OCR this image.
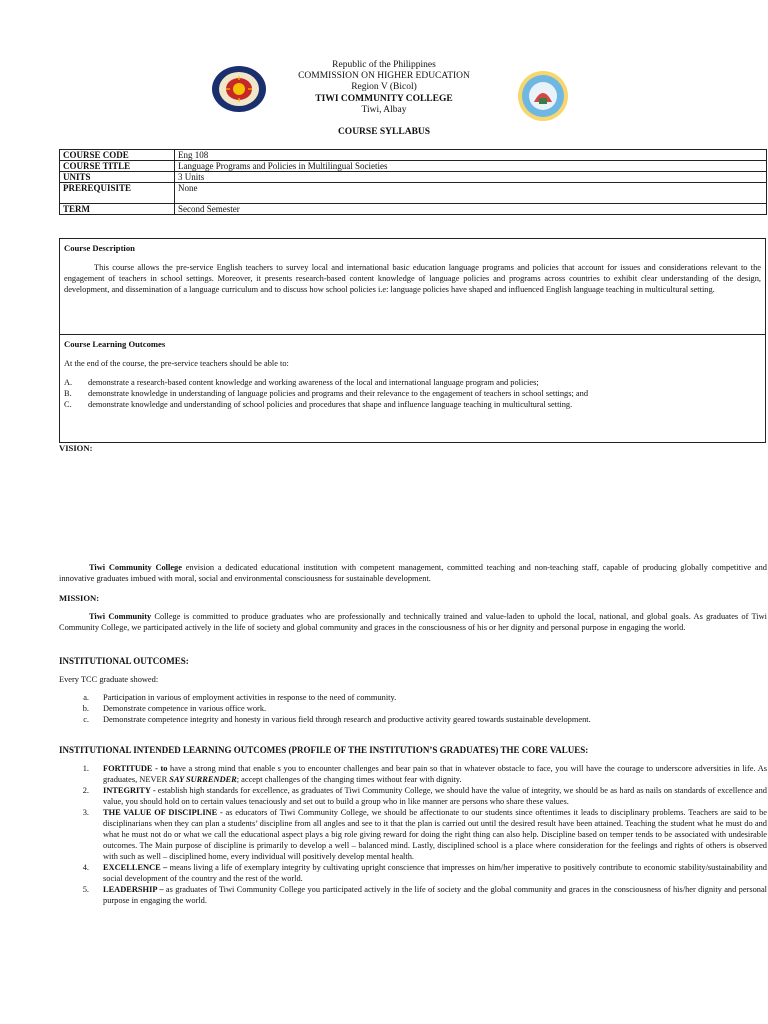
Republic of the Philippines
COMMISSION ON HIGHER EDUCATION
Region V (Bicol)
TIWI COMMUNITY COLLEGE
Tiwi, Albay
COURSE SYLLABUS
COURSE CODE	Eng 108
COURSE TITLE	Language Programs and Policies in Multilingual Societies
UNITS	3 Units
PREREQUISITE	None
TERM	Second Semester
Course Description
This course allows the pre-service English teachers to survey local and international basic education language programs and policies that account for issues and considerations relevant to the engagement of teachers in school settings. Moreover, it presents research-based content knowledge of language policies and programs across countries to exhibit clear understanding of the design, development, and dissemination of a language curriculum and to discuss how school policies i.e: language policies have shaped and influenced English language teaching in multicultural setting.
Course Learning Outcomes
At the end of the course, the pre-service teachers should be able to:
A.	demonstrate a research-based content knowledge and working awareness of the local and international language program and policies;
B.	demonstrate knowledge in understanding of language policies and programs and their relevance to the engagement of teachers in school settings; and
C.	demonstrate knowledge and understanding of school policies and procedures that shape and influence language teaching in multicultural setting.
VISION:
Tiwi Community College envision a dedicated educational institution with competent management, committed teaching and non-teaching staff, capable of producing globally competitive and innovative graduates imbued with moral, social and environmental consciousness for sustainable development.
MISSION:
Tiwi Community College is committed to produce graduates who are professionally and technically trained and value-laden to uphold the local, national, and global goals. As graduates of Tiwi Community College, we participated actively in the life of society and global community and graces in the consciousness of his or her dignity and personal purpose in engaging the world.
INSTITUTIONAL OUTCOMES:
Every TCC graduate showed:
a.	Participation in various of employment activities in response to the need of community.
b.	Demonstrate competence in various office work.
c.	Demonstrate competence integrity and honesty in various field through research and productive activity geared towards sustainable development.
INSTITUTIONAL INTENDED LEARNING OUTCOMES (PROFILE OF THE INSTITUTION’S GRADUATES) THE CORE VALUES:
1.	FORTITUDE - to have a strong mind that enable s you to encounter challenges and bear pain so that in whatever obstacle to face, you will have the courage to underscore adversities in life. As graduates, NEVER SAY SURRENDER; accept challenges of the changing times without fear with dignity.
2.	INTEGRITY - establish high standards for excellence, as graduates of Tiwi Community College, we should have the value of integrity, we should be as hard as nails on standards of excellence and value, you should hold on to certain values tenaciously and set out to build a group who in like manner are persons who share these values.
3.	THE VALUE OF DISCIPLINE - as educators of Tiwi Community College, we should be affectionate to our students since oftentimes it leads to disciplinary problems. Teachers are said to be disciplinarians when they can plan a students’ discipline from all angles and see to it that the plan is carried out until the desired result have been attained. Teaching the student what he must do and what he must not do or what we call the educational aspect plays a big role giving reward for doing the right thing can also help. Discipline based on temper tends to be associated with undesirable outcomes. The Main purpose of discipline is primarily to develop a well – balanced mind. Lastly, disciplined school is a place where consideration for the feelings and rights of others is observed with such as well – disciplined home, every individual will positively develop mental health.
4.	EXCELLENCE – means living a life of exemplary integrity by cultivating upright conscience that impresses on him/her imperative to positively contribute to economic stability/sustainability and social development of the country and the rest of the world.
5.	LEADERSHIP – as graduates of Tiwi Community College you participated actively in the life of society and the global community and graces in the consciousness of his/her dignity and personal purpose in engaging the world.
